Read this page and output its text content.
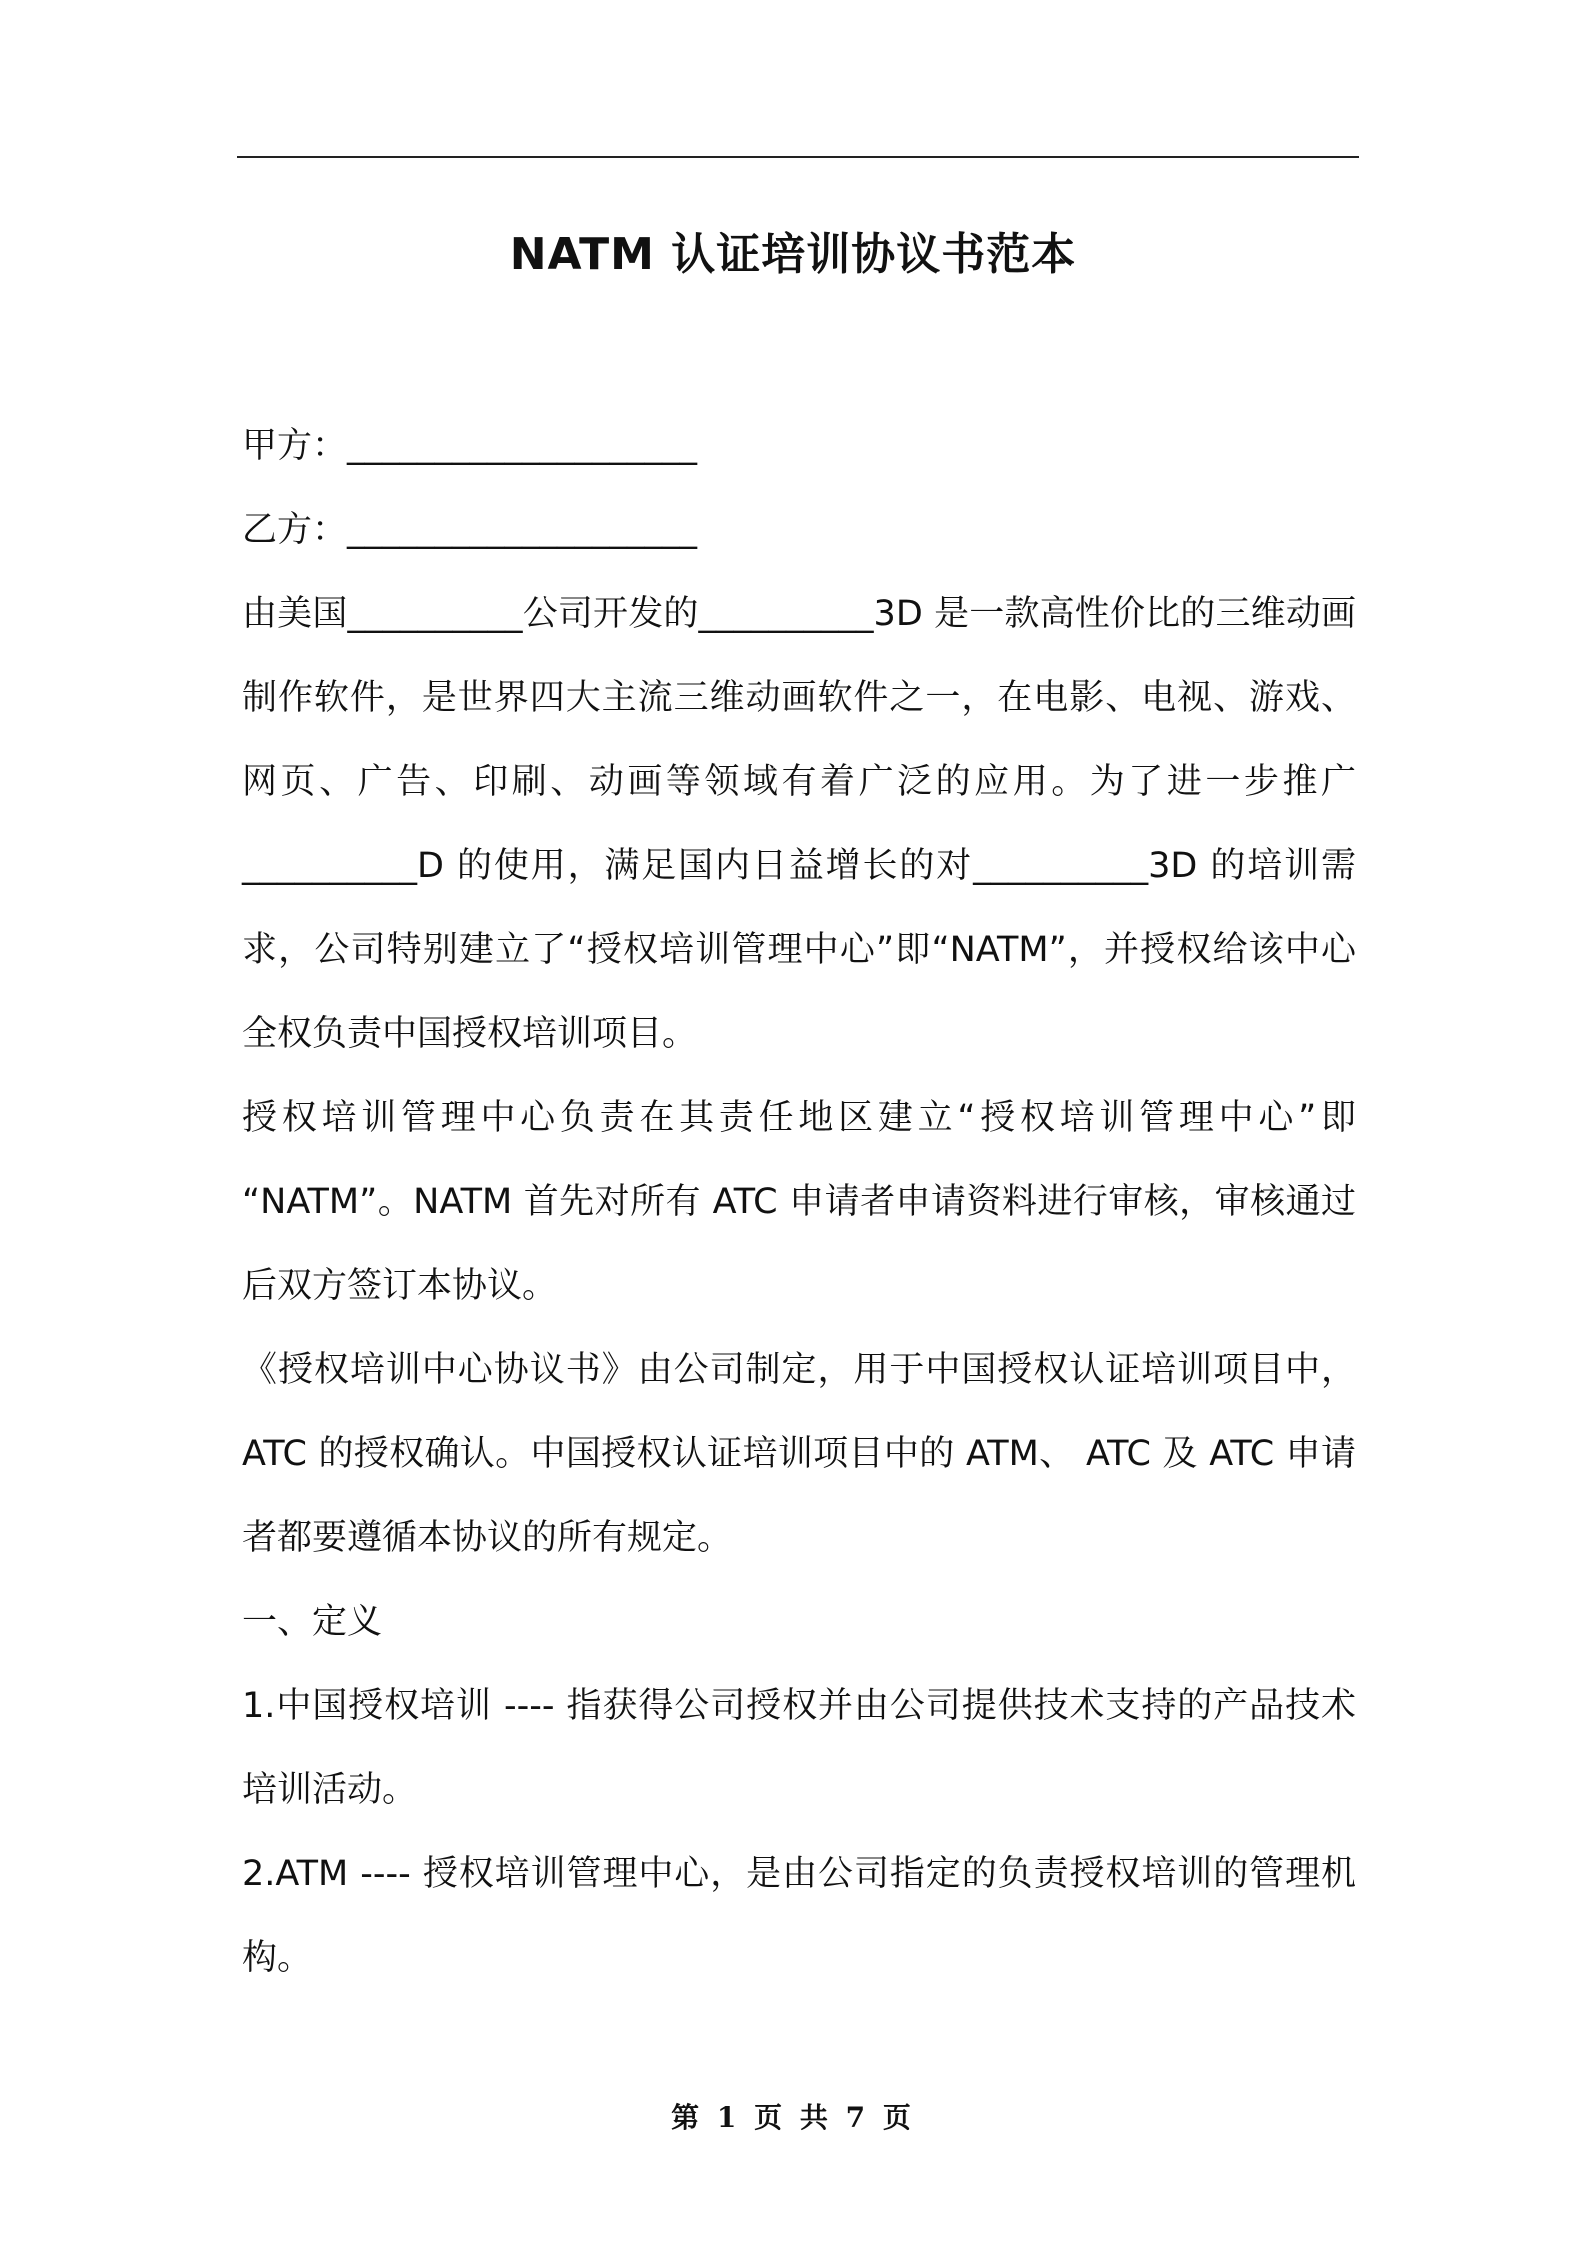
NATM 认证培训协议书范本

甲方：____________________

乙方：____________________

由美国__________公司开发的__________3D 是一款高性价比的三维动画制作软件，是世界四大主流三维动画软件之一，在电影、电视、游戏、网页、广告、印刷、动画等领域有着广泛的应用。为了进一步推广__________D 的使用，满足国内日益增长的对__________3D 的培训需求，公司特别建立了“授权培训管理中心”即“NATM”，并授权给该中心全权负责中国授权培训项目。

授权培训管理中心负责在其责任地区建立“授权培训管理中心”即 “NATM”。NATM 首先对所有 ATC 申请者申请资料进行审核，审核通过后双方签订本协议。

《授权培训中心协议书》由公司制定，用于中国授权认证培训项目中，ATC 的授权确认。中国授权认证培训项目中的 ATM、 ATC 及 ATC 申请者都要遵循本协议的所有规定。

一、定义

1.中国授权培训 ---- 指获得公司授权并由公司提供技术支持的产品技术培训活动。

2.ATM ---- 授权培训管理中心，是由公司指定的负责授权培训的管理机构。

第 1 页 共 7 页
